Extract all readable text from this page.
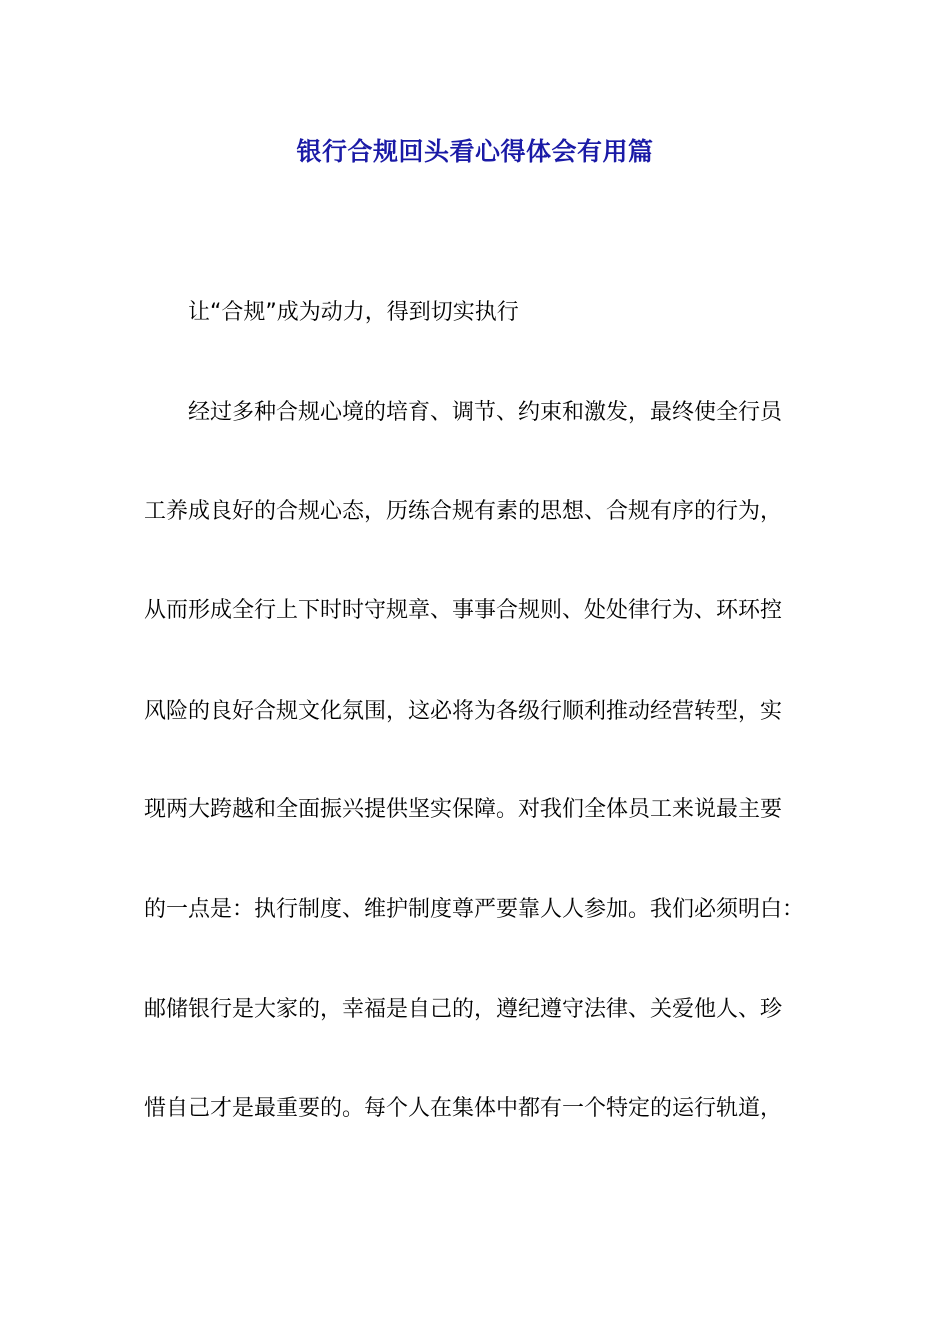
银行合规回头看心得体会有用篇
让“合规”成为动力，得到切实执行
经过多种合规心境的培育、调节、约束和激发，最终使全行员
工养成良好的合规心态，历练合规有素的思想、合规有序的行为，
从而形成全行上下时时守规章、事事合规则、处处律行为、环环控
风险的良好合规文化氛围，这必将为各级行顺利推动经营转型，实
现两大跨越和全面振兴提供坚实保障。对我们全体员工来说最主要
的一点是：执行制度、维护制度尊严要靠人人参加。我们必须明白：
邮储银行是大家的，幸福是自己的，遵纪遵守法律、关爱他人、珍
惜自己才是最重要的。每个人在集体中都有一个特定的运行轨道，
